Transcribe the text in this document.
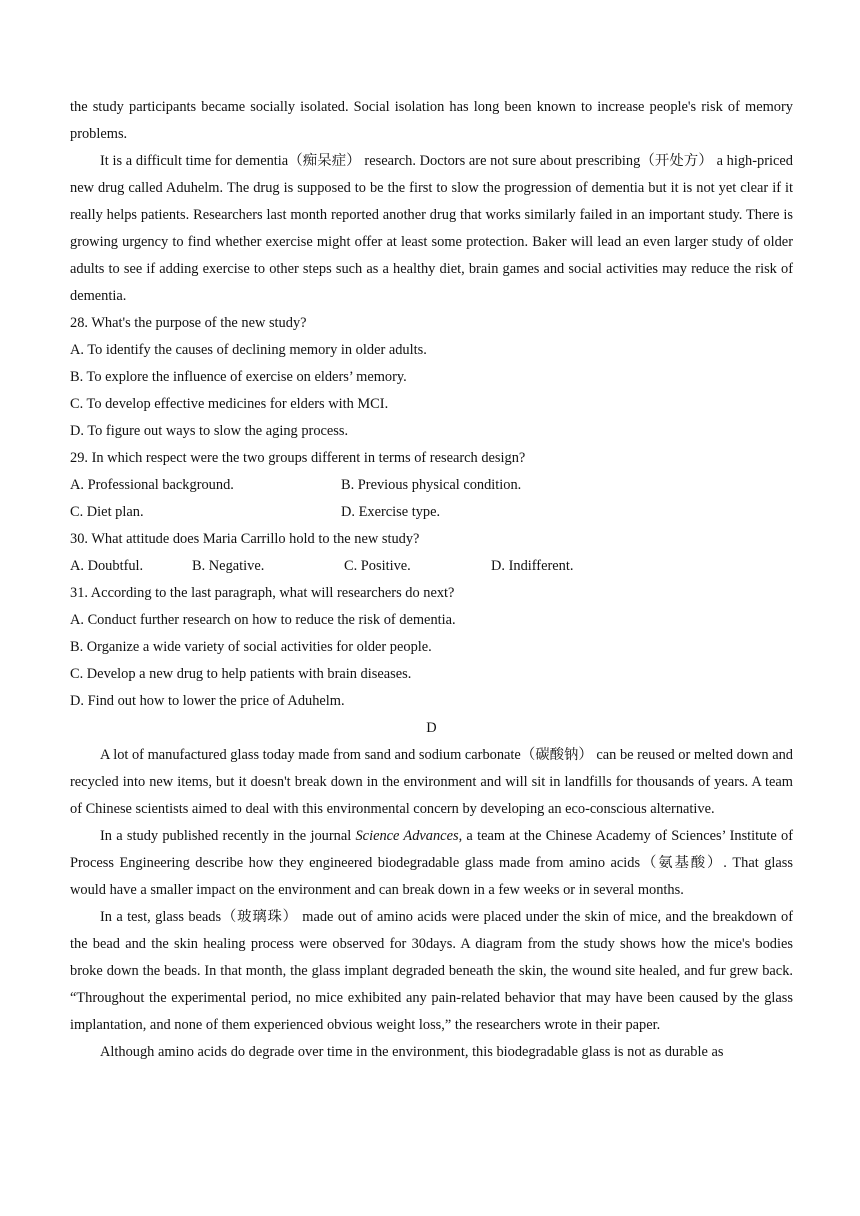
the study participants became socially isolated. Social isolation has long been known to increase people's risk of memory problems.

It is a difficult time for dementia（痴呆症） research. Doctors are not sure about prescribing（开处方） a high-priced new drug called Aduhelm. The drug is supposed to be the first to slow the progression of dementia but it is not yet clear if it really helps patients. Researchers last month reported another drug that works similarly failed in an important study. There is growing urgency to find whether exercise might offer at least some protection. Baker will lead an even larger study of older adults to see if adding exercise to other steps such as a healthy diet, brain games and social activities may reduce the risk of dementia.

28. What's the purpose of the new study?

A. To identify the causes of declining memory in older adults.

B. To explore the influence of exercise on elders’ memory.

C. To develop effective medicines for elders with MCI.

D. To figure out ways to slow the aging process.

29. In which respect were the two groups different in terms of research design?

A. Professional background.	B. Previous physical condition.
C. Diet plan.	D. Exercise type.

30. What attitude does Maria Carrillo hold to the new study?

A. Doubtful.	B. Negative.	C. Positive.	D. Indifferent.

31. According to the last paragraph, what will researchers do next?

A. Conduct further research on how to reduce the risk of dementia.

B. Organize a wide variety of social activities for older people.

C. Develop a new drug to help patients with brain diseases.

D. Find out how to lower the price of Aduhelm.

D

A lot of manufactured glass today made from sand and sodium carbonate（碳酸钠） can be reused or melted down and recycled into new items, but it doesn't break down in the environment and will sit in landfills for thousands of years. A team of Chinese scientists aimed to deal with this environmental concern by developing an eco-conscious alternative.

In a study published recently in the journal Science Advances, a team at the Chinese Academy of Sciences’ Institute of Process Engineering describe how they engineered biodegradable glass made from amino acids（氨基酸）. That glass would have a smaller impact on the environment and can break down in a few weeks or in several months.

In a test, glass beads（玻璃珠） made out of amino acids were placed under the skin of mice, and the breakdown of the bead and the skin healing process were observed for 30days. A diagram from the study shows how the mice's bodies broke down the beads. In that month, the glass implant degraded beneath the skin, the wound site healed, and fur grew back. “Throughout the experimental period, no mice exhibited any pain-related behavior that may have been caused by the glass implantation, and none of them experienced obvious weight loss,” the researchers wrote in their paper.

Although amino acids do degrade over time in the environment, this biodegradable glass is not as durable as
